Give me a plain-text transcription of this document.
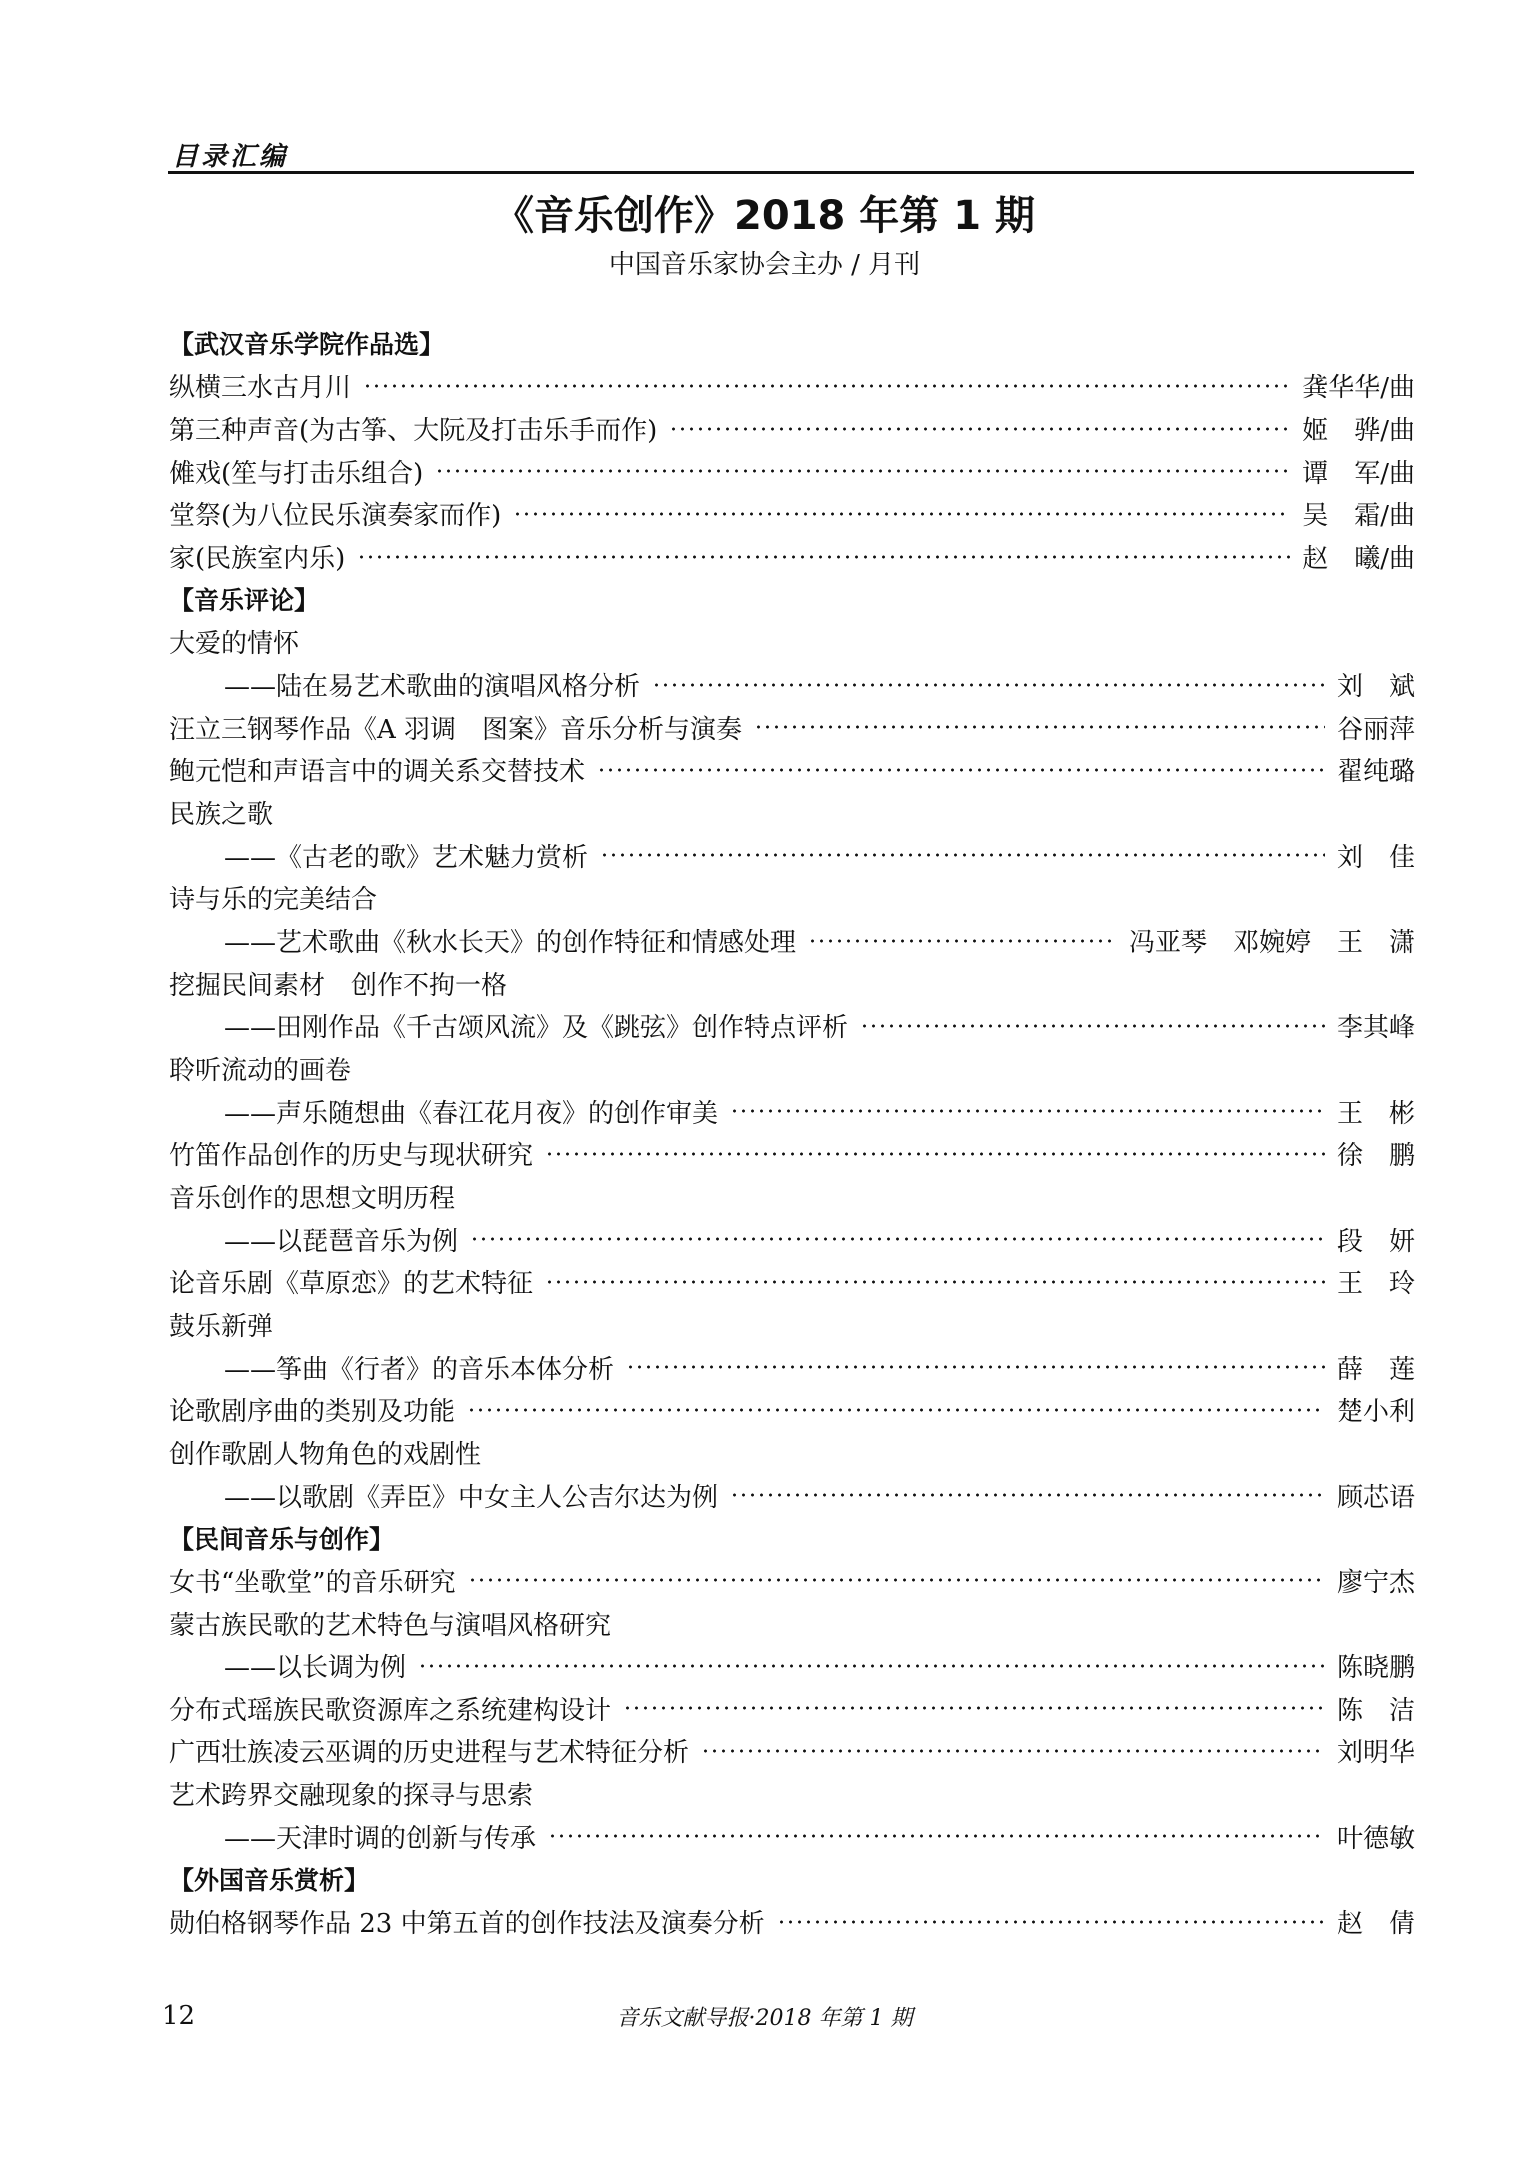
目录汇编
《音乐创作》2018 年第 1 期
中国音乐家协会主办 / 月刊
【武汉音乐学院作品选】
纵横三水古月川	龚华华/曲
第三种声音(为古筝、大阮及打击乐手而作)	姬　骅/曲
傩戏(笙与打击乐组合)	谭　军/曲
堂祭(为八位民乐演奏家而作)	吴　霜/曲
家(民族室内乐)	赵　曦/曲
【音乐评论】
大爱的情怀
——陆在易艺术歌曲的演唱风格分析	刘　斌
汪立三钢琴作品《A 羽调　图案》音乐分析与演奏	谷丽萍
鲍元恺和声语言中的调关系交替技术	翟纯璐
民族之歌
——《古老的歌》艺术魅力赏析	刘　佳
诗与乐的完美结合
——艺术歌曲《秋水长天》的创作特征和情感处理	冯亚琴　邓婉婷　王　潇
挖掘民间素材　创作不拘一格
——田刚作品《千古颂风流》及《跳弦》创作特点评析	李其峰
聆听流动的画卷
——声乐随想曲《春江花月夜》的创作审美	王　彬
竹笛作品创作的历史与现状研究	徐　鹏
音乐创作的思想文明历程
——以琵琶音乐为例	段　妍
论音乐剧《草原恋》的艺术特征	王　玲
鼓乐新弹
——筝曲《行者》的音乐本体分析	薛　莲
论歌剧序曲的类别及功能	楚小利
创作歌剧人物角色的戏剧性
——以歌剧《弄臣》中女主人公吉尔达为例	顾芯语
【民间音乐与创作】
女书“坐歌堂”的音乐研究	廖宁杰
蒙古族民歌的艺术特色与演唱风格研究
——以长调为例	陈晓鹏
分布式瑶族民歌资源库之系统建构设计	陈　洁
广西壮族凌云巫调的历史进程与艺术特征分析	刘明华
艺术跨界交融现象的探寻与思索
——天津时调的创新与传承	叶德敏
【外国音乐赏析】
勋伯格钢琴作品 23 中第五首的创作技法及演奏分析	赵　倩
12	音乐文献导报·2018 年第 1 期
